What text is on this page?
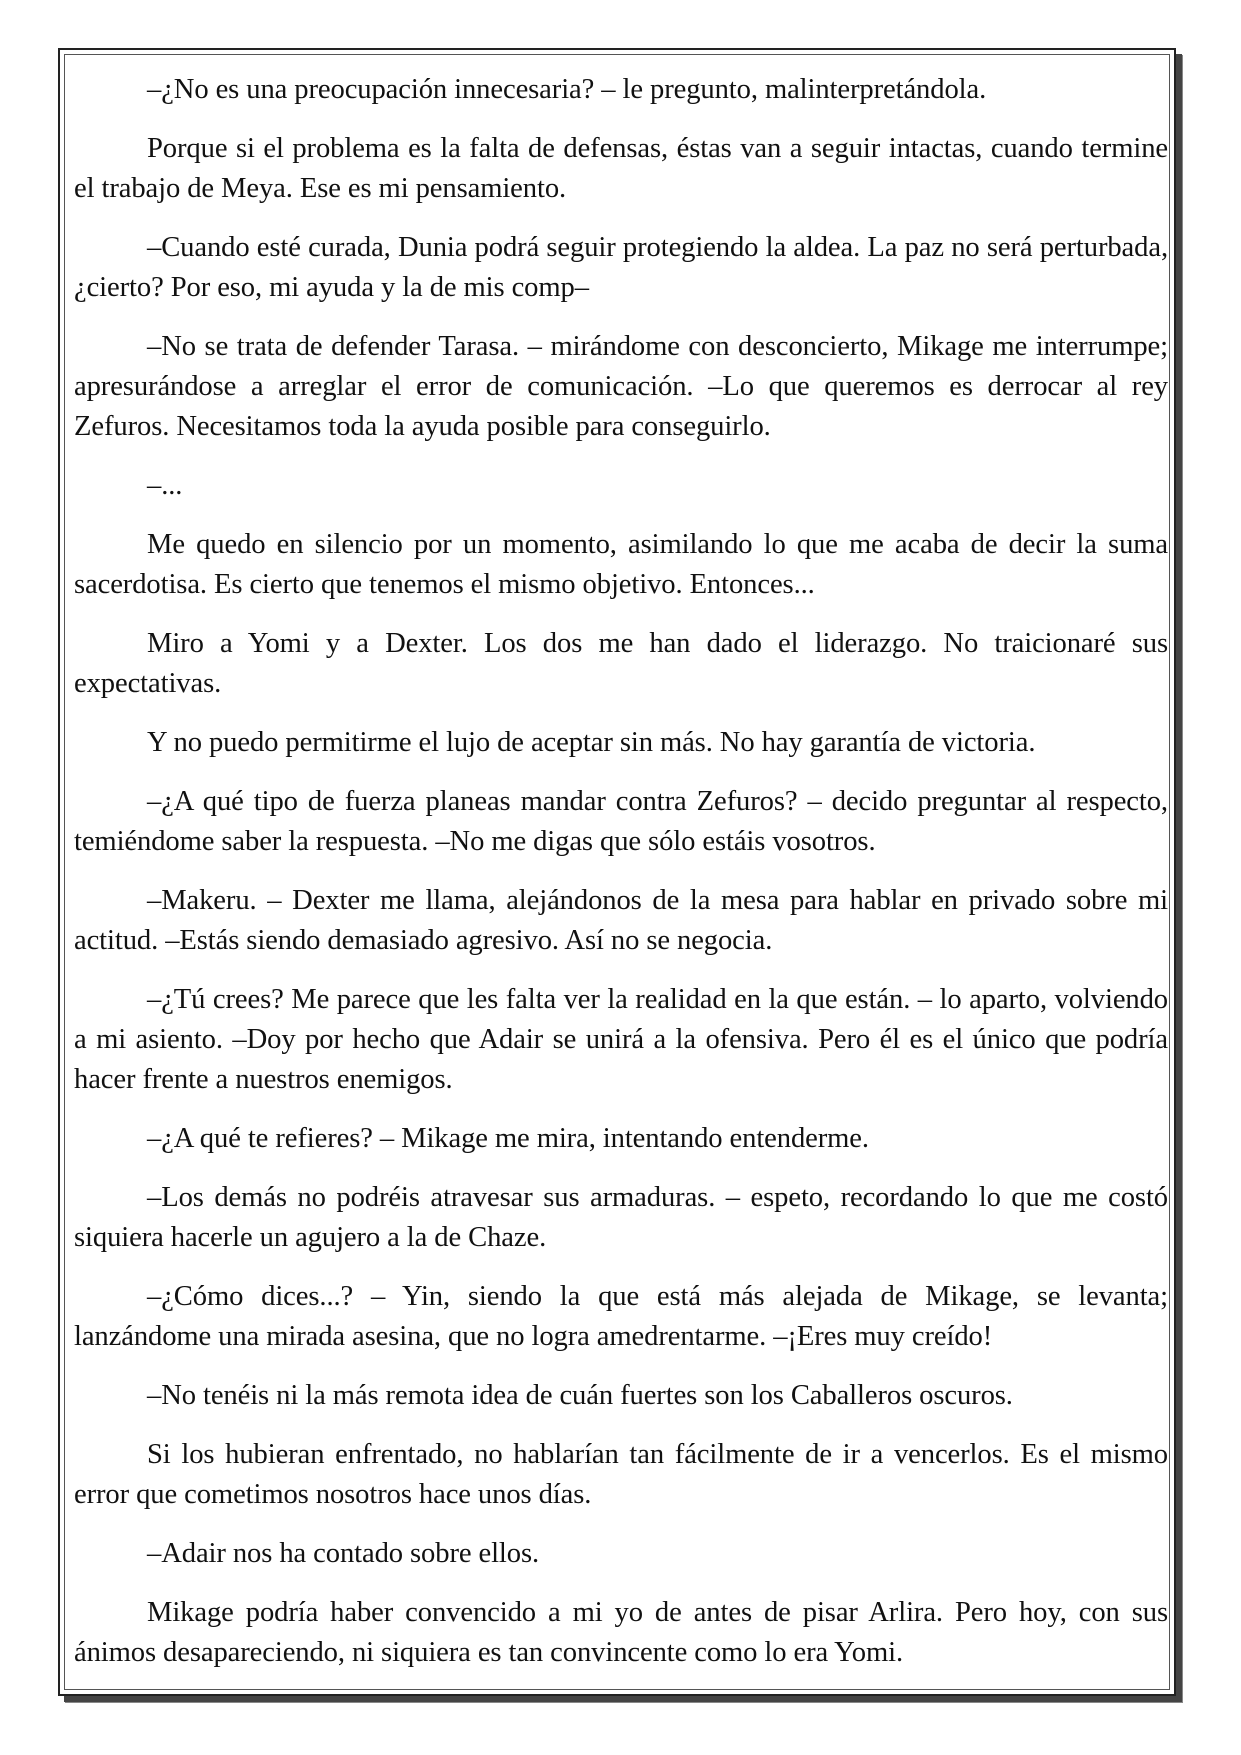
–¿No es una preocupación innecesaria? – le pregunto, malinterpretándola.

Porque si el problema es la falta de defensas, éstas van a seguir intactas, cuando termine el trabajo de Meya. Ese es mi pensamiento.

–Cuando esté curada, Dunia podrá seguir protegiendo la aldea. La paz no será perturbada, ¿cierto? Por eso, mi ayuda y la de mis comp–

–No se trata de defender Tarasa. – mirándome con desconcierto, Mikage me interrumpe; apresurándose a arreglar el error de comunicación. –Lo que queremos es derrocar al rey Zefuros. Necesitamos toda la ayuda posible para conseguirlo.

–...

Me quedo en silencio por un momento, asimilando lo que me acaba de decir la suma sacerdotisa. Es cierto que tenemos el mismo objetivo. Entonces...

Miro a Yomi y a Dexter. Los dos me han dado el liderazgo. No traicionaré sus expectativas.

Y no puedo permitirme el lujo de aceptar sin más. No hay garantía de victoria.

–¿A qué tipo de fuerza planeas mandar contra Zefuros? – decido preguntar al respecto, temiéndome saber la respuesta. –No me digas que sólo estáis vosotros.

–Makeru. – Dexter me llama, alejándonos de la mesa para hablar en privado sobre mi actitud. –Estás siendo demasiado agresivo. Así no se negocia.

–¿Tú crees? Me parece que les falta ver la realidad en la que están. – lo aparto, volviendo a mi asiento. –Doy por hecho que Adair se unirá a la ofensiva. Pero él es el único que podría hacer frente a nuestros enemigos.

–¿A qué te refieres? – Mikage me mira, intentando entenderme.

–Los demás no podréis atravesar sus armaduras. – espeto, recordando lo que me costó siquiera hacerle un agujero a la de Chaze.

–¿Cómo dices...? – Yin, siendo la que está más alejada de Mikage, se levanta; lanzándome una mirada asesina, que no logra amedrentarme. –¡Eres muy creído!

–No tenéis ni la más remota idea de cuán fuertes son los Caballeros oscuros.

Si los hubieran enfrentado, no hablarían tan fácilmente de ir a vencerlos. Es el mismo error que cometimos nosotros hace unos días.

–Adair nos ha contado sobre ellos.

Mikage podría haber convencido a mi yo de antes de pisar Arlira. Pero hoy, con sus ánimos desapareciendo, ni siquiera es tan convincente como lo era Yomi.
